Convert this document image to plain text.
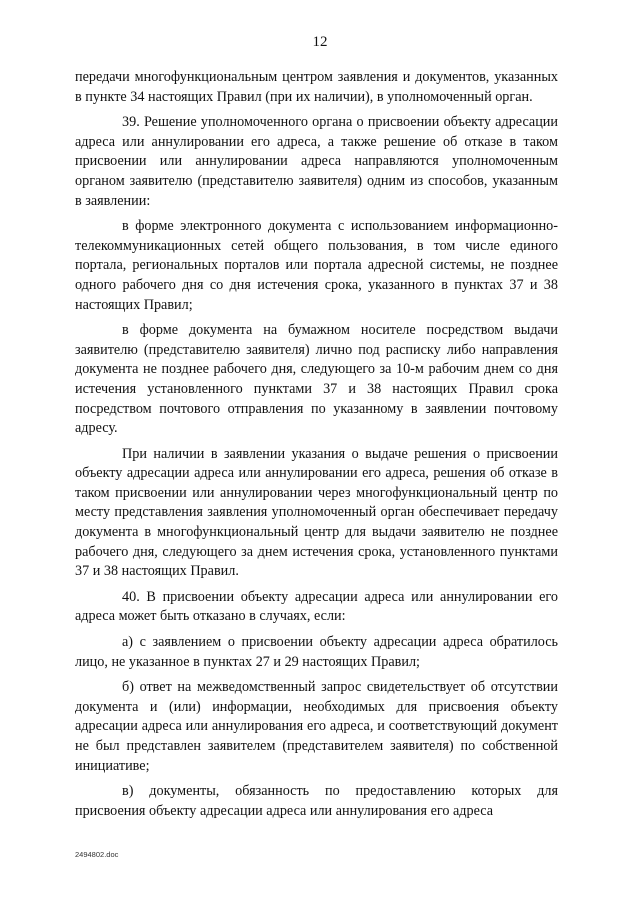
12

передачи многофункциональным центром заявления и документов, указанных в пункте 34 настоящих Правил (при их наличии), в уполномоченный орган.

39. Решение уполномоченного органа о присвоении объекту адресации адреса или аннулировании его адреса, а также решение об отказе в таком присвоении или аннулировании адреса направляются уполномоченным органом заявителю (представителю заявителя) одним из способов, указанным в заявлении:

в форме электронного документа с использованием информационно-телекоммуникационных сетей общего пользования, в том числе единого портала, региональных порталов или портала адресной системы, не позднее одного рабочего дня со дня истечения срока, указанного в пунктах 37 и 38 настоящих Правил;

в форме документа на бумажном носителе посредством выдачи заявителю (представителю заявителя) лично под расписку либо направления документа не позднее рабочего дня, следующего за 10-м рабочим днем со дня истечения установленного пунктами 37 и 38 настоящих Правил срока посредством почтового отправления по указанному в заявлении почтовому адресу.

При наличии в заявлении указания о выдаче решения о присвоении объекту адресации адреса или аннулировании его адреса, решения об отказе в таком присвоении или аннулировании через многофункциональный центр по месту представления заявления уполномоченный орган обеспечивает передачу документа в многофункциональный центр для выдачи заявителю не позднее рабочего дня, следующего за днем истечения срока, установленного пунктами 37 и 38 настоящих Правил.

40. В присвоении объекту адресации адреса или аннулировании его адреса может быть отказано в случаях, если:

а) с заявлением о присвоении объекту адресации адреса обратилось лицо, не указанное в пунктах 27 и 29 настоящих Правил;

б) ответ на межведомственный запрос свидетельствует об отсутствии документа и (или) информации, необходимых для присвоения объекту адресации адреса или аннулирования его адреса, и соответствующий документ не был представлен заявителем (представителем заявителя) по собственной инициативе;

в) документы, обязанность по предоставлению которых для присвоения объекту адресации адреса или аннулирования его адреса

2494802.doc
